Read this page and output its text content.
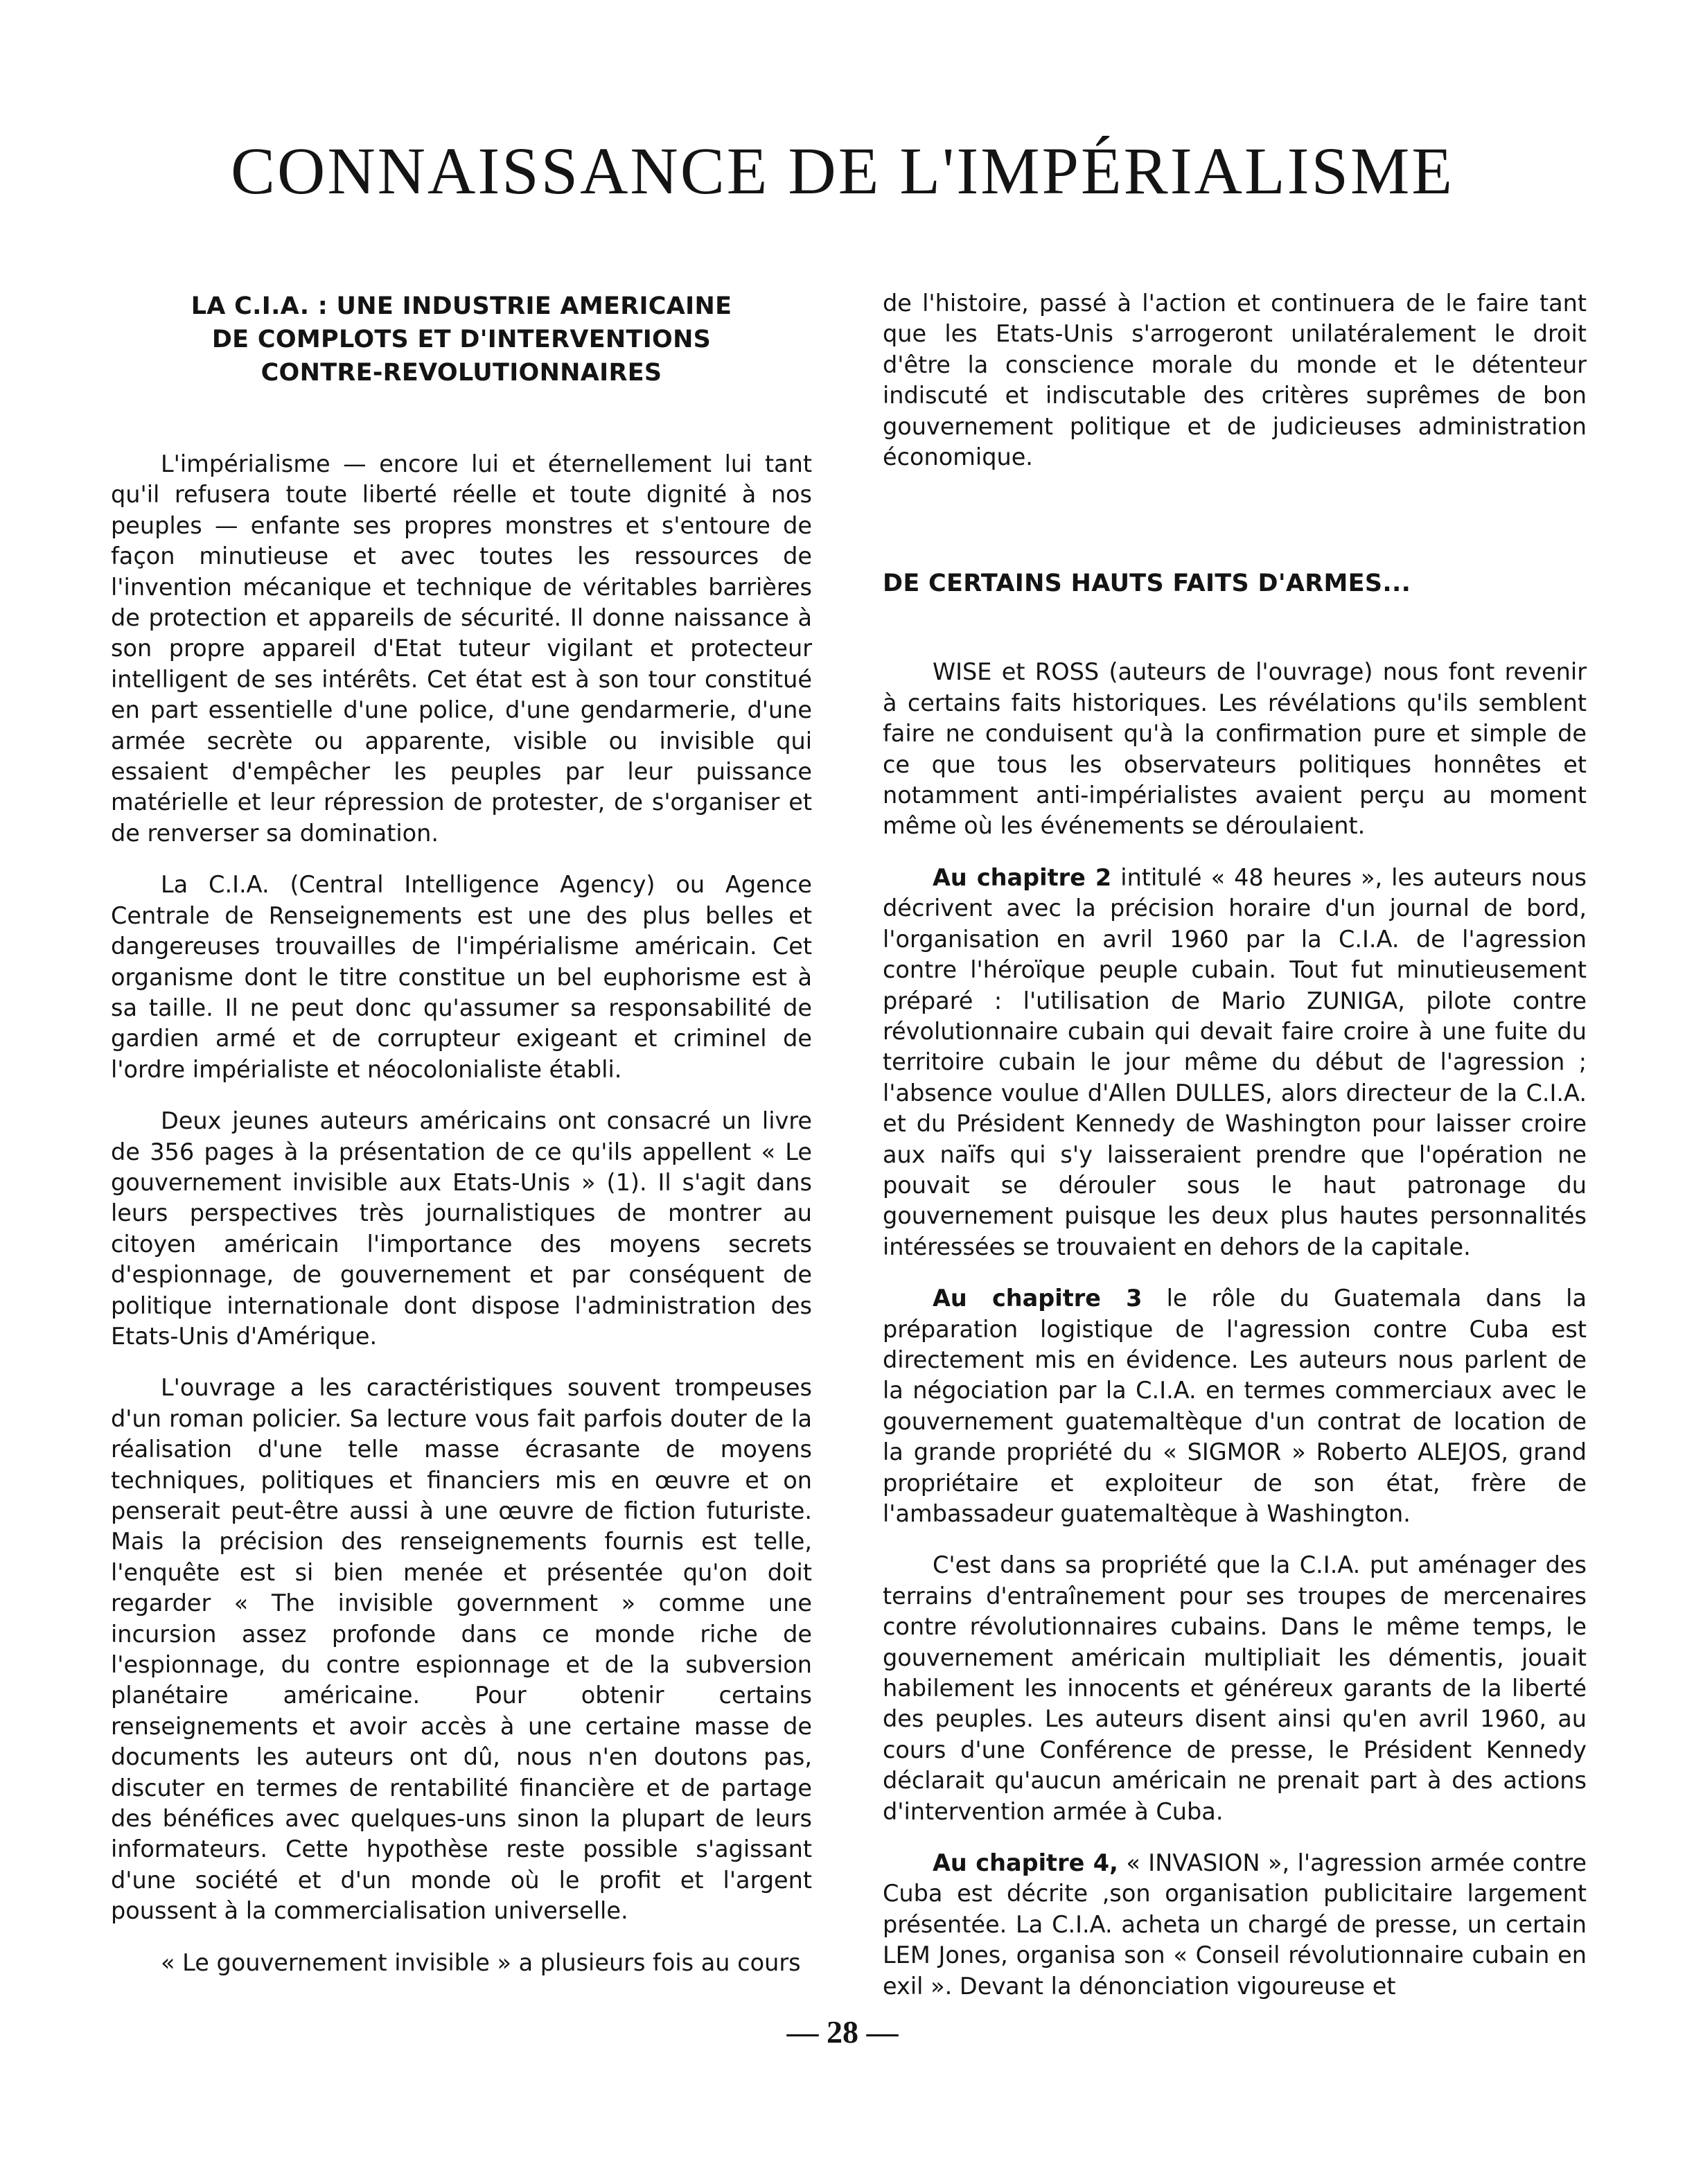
CONNAISSANCE DE L'IMPÉRIALISME
LA C.I.A. : UNE INDUSTRIE AMERICAINE
DE COMPLOTS ET D'INTERVENTIONS
CONTRE-REVOLUTIONNAIRES

L'impérialisme — encore lui et éternellement lui tant qu'il refusera toute liberté réelle et toute dignité à nos peuples — enfante ses propres monstres et s'entoure de façon minutieuse et avec toutes les ressources de l'invention mécanique et technique de véritables barrières de protection et appareils de sécurité. Il donne naissance à son propre appareil d'Etat tuteur vigilant et protecteur intelligent de ses intérêts. Cet état est à son tour constitué en part essentielle d'une police, d'une gendarmerie, d'une armée secrète ou apparente, visible ou invisible qui essaient d'empêcher les peuples par leur puissance matérielle et leur répression de protester, de s'organiser et de renverser sa domination.

La C.I.A. (Central Intelligence Agency) ou Agence Centrale de Renseignements est une des plus belles et dangereuses trouvailles de l'impérialisme américain. Cet organisme dont le titre constitue un bel euphorisme est à sa taille. Il ne peut donc qu'assumer sa responsabilité de gardien armé et de corrupteur exigeant et criminel de l'ordre impérialiste et néocolonialiste établi.

Deux jeunes auteurs américains ont consacré un livre de 356 pages à la présentation de ce qu'ils appellent « Le gouvernement invisible aux Etats-Unis » (1). Il s'agit dans leurs perspectives très journalistiques de montrer au citoyen américain l'importance des moyens secrets d'espionnage, de gouvernement et par conséquent de politique internationale dont dispose l'administration des Etats-Unis d'Amérique.

L'ouvrage a les caractéristiques souvent trompeuses d'un roman policier. Sa lecture vous fait parfois douter de la réalisation d'une telle masse écrasante de moyens techniques, politiques et financiers mis en œuvre et on penserait peut-être aussi à une œuvre de fiction futuriste. Mais la précision des renseignements fournis est telle, l'enquête est si bien menée et présentée qu'on doit regarder « The invisible government » comme une incursion assez profonde dans ce monde riche de l'espionnage, du contre espionnage et de la subversion planétaire américaine. Pour obtenir certains renseignements et avoir accès à une certaine masse de documents les auteurs ont dû, nous n'en doutons pas, discuter en termes de rentabilité financière et de partage des bénéfices avec quelques-uns sinon la plupart de leurs informateurs. Cette hypothèse reste possible s'agissant d'une société et d'un monde où le profit et l'argent poussent à la commercialisation universelle.

« Le gouvernement invisible » a plusieurs fois au cours

de l'histoire, passé à l'action et continuera de le faire tant que les Etats-Unis s'arrogeront unilatéralement le droit d'être la conscience morale du monde et le détenteur indiscuté et indiscutable des critères suprêmes de bon gouvernement politique et de judicieuses administration économique.

DE CERTAINS HAUTS FAITS D'ARMES...

WISE et ROSS (auteurs de l'ouvrage) nous font revenir à certains faits historiques. Les révélations qu'ils semblent faire ne conduisent qu'à la confirmation pure et simple de ce que tous les observateurs politiques honnêtes et notamment anti-impérialistes avaient perçu au moment même où les événements se déroulaient.

Au chapitre 2 intitulé « 48 heures », les auteurs nous décrivent avec la précision horaire d'un journal de bord, l'organisation en avril 1960 par la C.I.A. de l'agression contre l'héroïque peuple cubain. Tout fut minutieusement préparé : l'utilisation de Mario ZUNIGA, pilote contre révolutionnaire cubain qui devait faire croire à une fuite du territoire cubain le jour même du début de l'agression ; l'absence voulue d'Allen DULLES, alors directeur de la C.I.A. et du Président Kennedy de Washington pour laisser croire aux naïfs qui s'y laisseraient prendre que l'opération ne pouvait se dérouler sous le haut patronage du gouvernement puisque les deux plus hautes personnalités intéressées se trouvaient en dehors de la capitale.

Au chapitre 3 le rôle du Guatemala dans la préparation logistique de l'agression contre Cuba est directement mis en évidence. Les auteurs nous parlent de la négociation par la C.I.A. en termes commerciaux avec le gouvernement guatemaltèque d'un contrat de location de la grande propriété du « SIGMOR » Roberto ALEJOS, grand propriétaire et exploiteur de son état, frère de l'ambassadeur guatemaltèque à Washington.

C'est dans sa propriété que la C.I.A. put aménager des terrains d'entraînement pour ses troupes de mercenaires contre révolutionnaires cubains. Dans le même temps, le gouvernement américain multipliait les démentis, jouait habilement les innocents et généreux garants de la liberté des peuples. Les auteurs disent ainsi qu'en avril 1960, au cours d'une Conférence de presse, le Président Kennedy déclarait qu'aucun américain ne prenait part à des actions d'intervention armée à Cuba.

Au chapitre 4, « INVASION », l'agression armée contre Cuba est décrite ,son organisation publicitaire largement présentée. La C.I.A. acheta un chargé de presse, un certain LEM Jones, organisa son « Conseil révolutionnaire cubain en exil ». Devant la dénonciation vigoureuse et

— 28 —
